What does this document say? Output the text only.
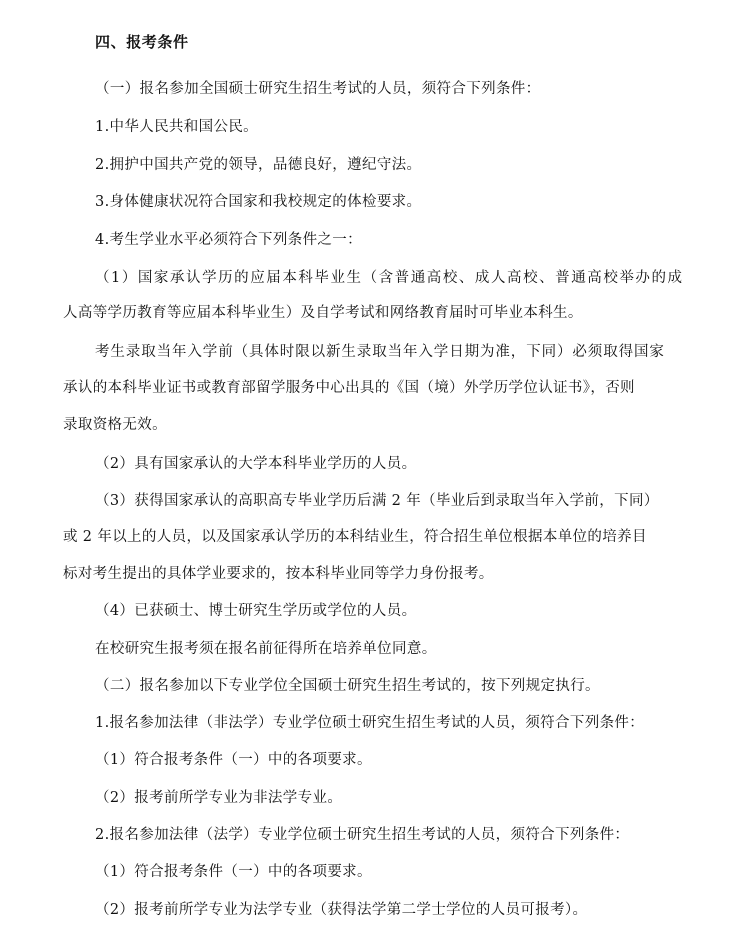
四、报考条件

（一）报名参加全国硕士研究生招生考试的人员，须符合下列条件：

1.中华人民共和国公民。

2.拥护中国共产党的领导，品德良好，遵纪守法。

3.身体健康状况符合国家和我校规定的体检要求。

4.考生学业水平必须符合下列条件之一：

（1）国家承认学历的应届本科毕业生（含普通高校、成人高校、普通高校举办的成

人高等学历教育等应届本科毕业生）及自学考试和网络教育届时可毕业本科生。

考生录取当年入学前（具体时限以新生录取当年入学日期为准，下同）必须取得国家

承认的本科毕业证书或教育部留学服务中心出具的《国（境）外学历学位认证书》，否则

录取资格无效。

（2）具有国家承认的大学本科毕业学历的人员。

（3）获得国家承认的高职高专毕业学历后满 2 年（毕业后到录取当年入学前，下同）

或 2 年以上的人员，以及国家承认学历的本科结业生，符合招生单位根据本单位的培养目

标对考生提出的具体学业要求的，按本科毕业同等学力身份报考。

（4）已获硕士、博士研究生学历或学位的人员。

在校研究生报考须在报名前征得所在培养单位同意。

（二）报名参加以下专业学位全国硕士研究生招生考试的，按下列规定执行。

1.报名参加法律（非法学）专业学位硕士研究生招生考试的人员，须符合下列条件：

（1）符合报考条件（一）中的各项要求。

（2）报考前所学专业为非法学专业。

2.报名参加法律（法学）专业学位硕士研究生招生考试的人员，须符合下列条件：

（1）符合报考条件（一）中的各项要求。

（2）报考前所学专业为法学专业（获得法学第二学士学位的人员可报考）。
